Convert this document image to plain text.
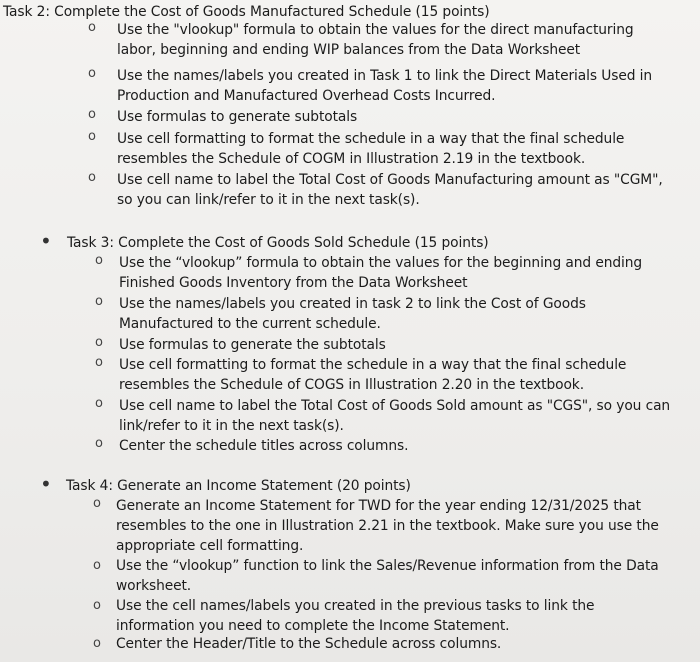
Task 2: Complete the Cost of Goods Manufactured Schedule (15 points)
o Use the "vlookup" formula to obtain the values for the direct manufacturing
labor, beginning and ending WIP balances from the Data Worksheet
o Use the names/labels you created in Task 1 to link the Direct Materials Used in
Production and Manufactured Overhead Costs Incurred.
o Use formulas to generate subtotals
o Use cell formatting to format the schedule in a way that the final schedule
resembles the Schedule of COGM in Illustration 2.19 in the textbook.
o Use cell name to label the Total Cost of Goods Manufacturing amount as "CGM",
so you can link/refer to it in the next task(s).
• Task 3: Complete the Cost of Goods Sold Schedule (15 points)
o Use the “vlookup” formula to obtain the values for the beginning and ending
Finished Goods Inventory from the Data Worksheet
o Use the names/labels you created in task 2 to link the Cost of Goods
Manufactured to the current schedule.
o Use formulas to generate the subtotals
o Use cell formatting to format the schedule in a way that the final schedule
resembles the Schedule of COGS in Illustration 2.20 in the textbook.
o Use cell name to label the Total Cost of Goods Sold amount as "CGS", so you can
link/refer to it in the next task(s).
o Center the schedule titles across columns.
• Task 4: Generate an Income Statement (20 points)
o Generate an Income Statement for TWD for the year ending 12/31/2025 that
resembles to the one in Illustration 2.21 in the textbook. Make sure you use the
appropriate cell formatting.
o Use the “vlookup” function to link the Sales/Revenue information from the Data
worksheet.
o Use the cell names/labels you created in the previous tasks to link the
information you need to complete the Income Statement.
o Center the Header/Title to the Schedule across columns.
